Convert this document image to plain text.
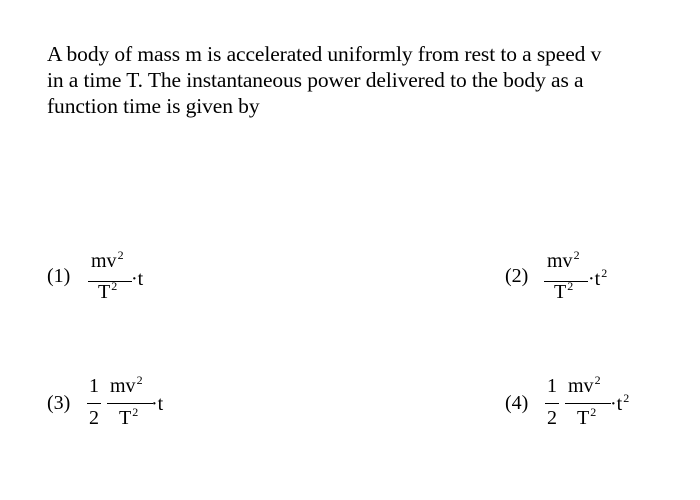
A body of mass m is accelerated uniformly from rest to a speed v
in a time T. The instantaneous power delivered to the body as a
function time is given by
(1)
$mv^2$
$T^2 \cdot t$	(2)
$mv^2$
$T^2 \cdot t^2$
(3)
1
2
$mv^2$
$T^2 \cdot t$	(4)
1
2
$mv^2$
$T^2 \cdot t^2$
